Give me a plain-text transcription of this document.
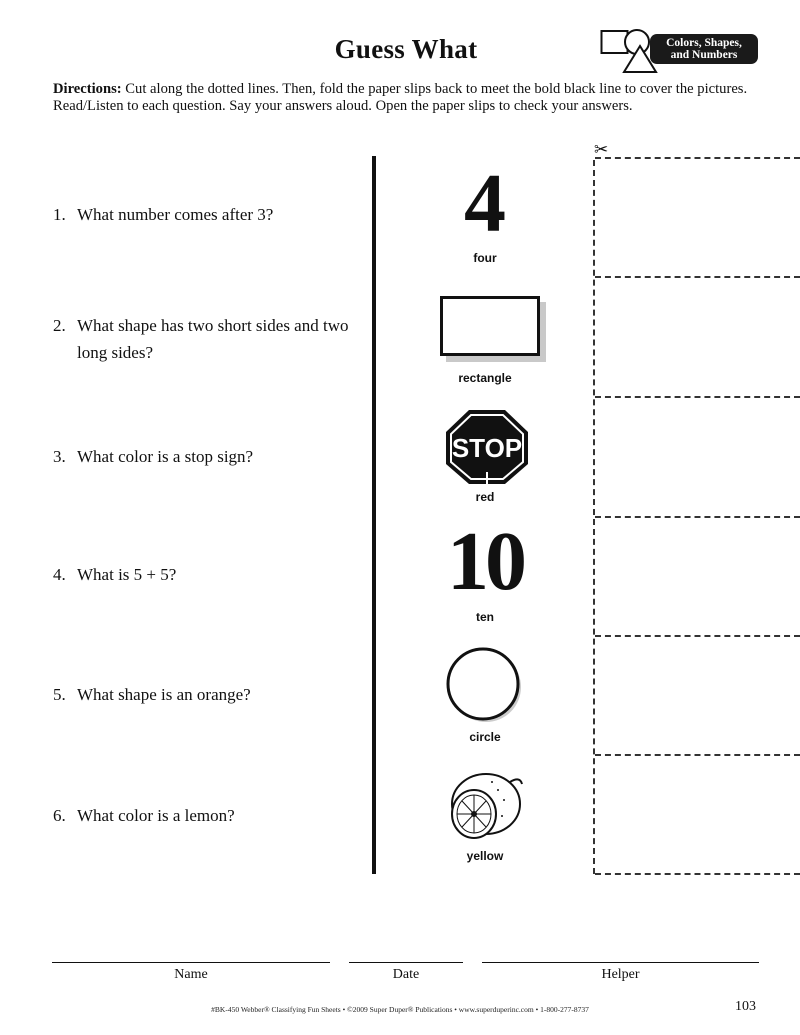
Guess What	Colors, Shapes,
and Numbers
Directions: Cut along the dotted lines. Then, fold the paper slips back to meet the bold black line to cover the pictures. Read/Listen to each question. Say your answers aloud. Open the paper slips to check your answers.
✂
1. What number comes after 3?
2. What shape has two short sides and two long sides?
3. What color is a stop sign?
4. What is 5 + 5?
5. What shape is an orange?
6. What color is a lemon?
4
four
rectangle
STOP
red
10
ten
circle
yellow
Name	Date	Helper
#BK-450 Webber® Classifying Fun Sheets • ©2009 Super Duper® Publications • www.superduperinc.com • 1-800-277-8737	103
